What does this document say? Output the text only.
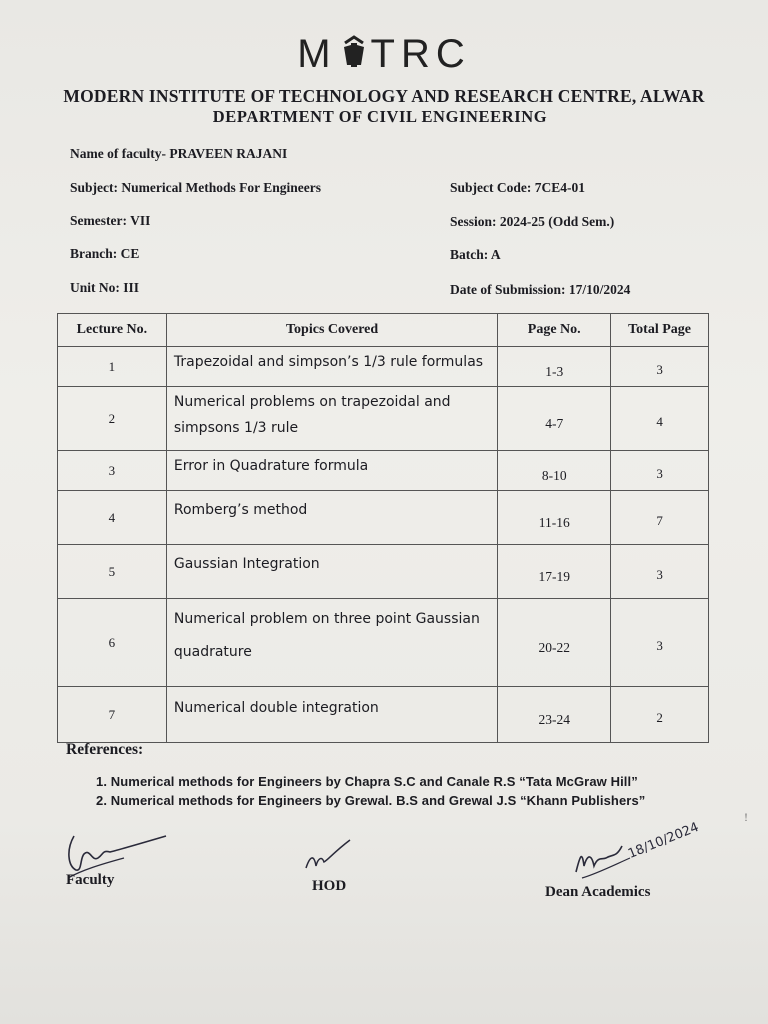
M TRC
MODERN INSTITUTE OF TECHNOLOGY AND RESEARCH CENTRE, ALWAR
DEPARTMENT OF CIVIL ENGINEERING
Name of faculty- PRAVEEN RAJANI
Subject: Numerical Methods For Engineers	Subject Code: 7CE4-01
Semester: VII	Session: 2024-25 (Odd Sem.)
Branch: CE	Batch: A
Unit No: III	Date of Submission: 17/10/2024
Lecture No.	Topics Covered	Page No.	Total Page
1	Trapezoidal and simpson’s 1/3 rule formulas	1-3	3
2	Numerical problems on trapezoidal and simpsons 1/3 rule	4-7	4
3	Error in Quadrature formula	8-10	3
4	Romberg’s method	11-16	7
5	Gaussian Integration	17-19	3
6	Numerical problem on three point Gaussian quadrature	20-22	3
7	Numerical double integration	23-24	2
References:
1. Numerical methods for Engineers by Chapra S.C and Canale R.S “Tata McGraw Hill”
2. Numerical methods for Engineers by Grewal. B.S and Grewal J.S “Khann Publishers”
Faculty	HOD
18/10/2024
Dean Academics
!
